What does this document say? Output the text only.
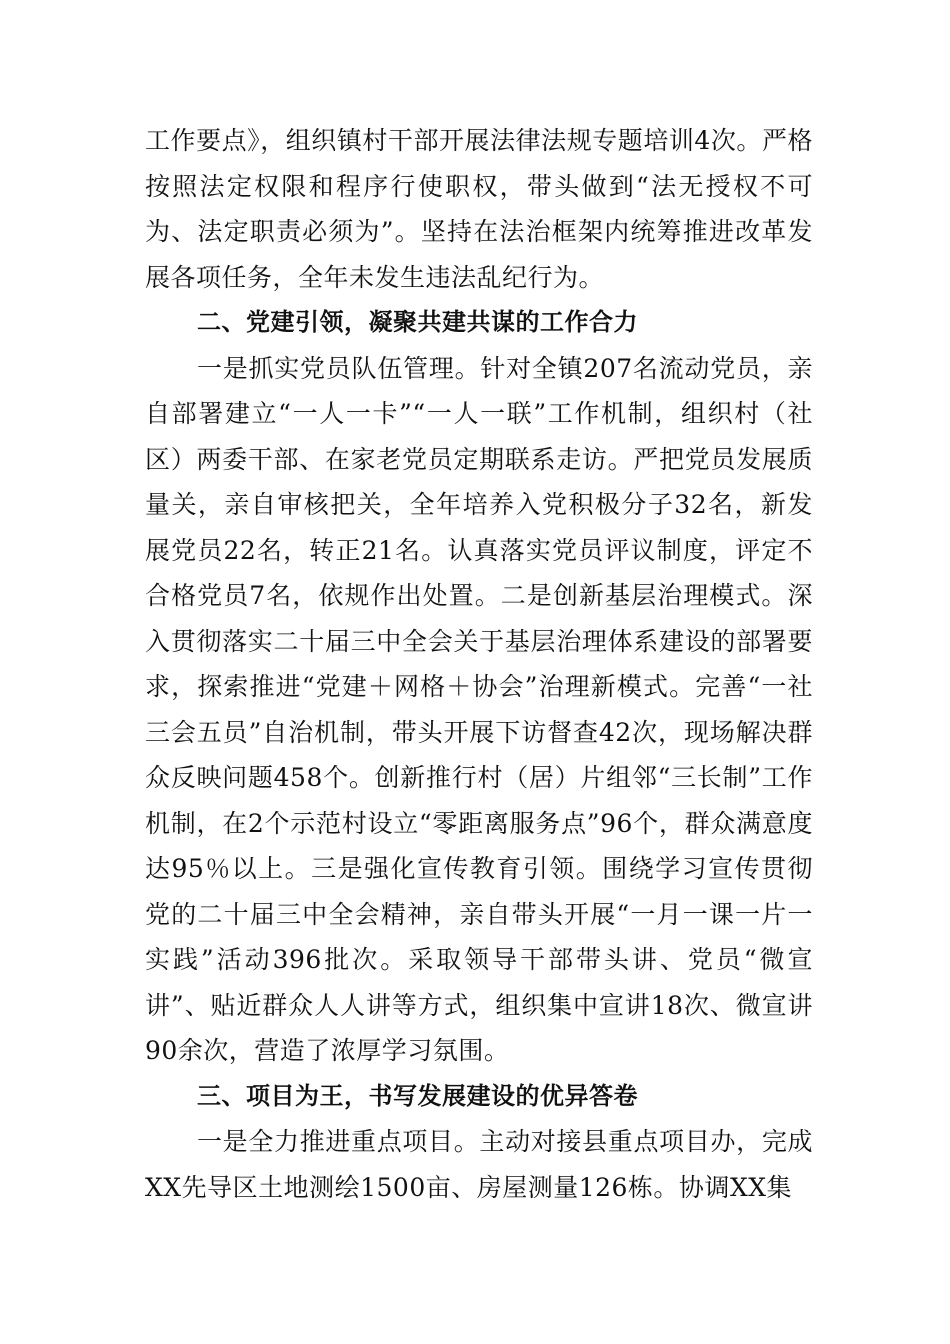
工作要点》，组织镇村干部开展法律法规专题培训4次。严格按照法定权限和程序行使职权，带头做到“法无授权不可为、法定职责必须为”。坚持在法治框架内统筹推进改革发展各项任务，全年未发生违法乱纪行为。

二、党建引领，凝聚共建共谋的工作合力

一是抓实党员队伍管理。针对全镇207名流动党员，亲自部署建立“一人一卡”“一人一联”工作机制，组织村（社区）两委干部、在家老党员定期联系走访。严把党员发展质量关，亲自审核把关，全年培养入党积极分子32名，新发展党员22名，转正21名。认真落实党员评议制度，评定不合格党员7名，依规作出处置。二是创新基层治理模式。深入贯彻落实二十届三中全会关于基层治理体系建设的部署要求，探索推进“党建＋网格＋协会”治理新模式。完善“一社三会五员”自治机制，带头开展下访督查42次，现场解决群众反映问题458个。创新推行村（居）片组邻“三长制”工作机制，在2个示范村设立“零距离服务点”96个，群众满意度达95％以上。三是强化宣传教育引领。围绕学习宣传贯彻党的二十届三中全会精神，亲自带头开展“一月一课一片一实践”活动396批次。采取领导干部带头讲、党员“微宣讲”、贴近群众人人讲等方式，组织集中宣讲18次、微宣讲90余次，营造了浓厚学习氛围。

三、项目为王，书写发展建设的优异答卷

一是全力推进重点项目。主动对接县重点项目办，完成XX先导区土地测绘1500亩、房屋测量126栋。协调XX集
